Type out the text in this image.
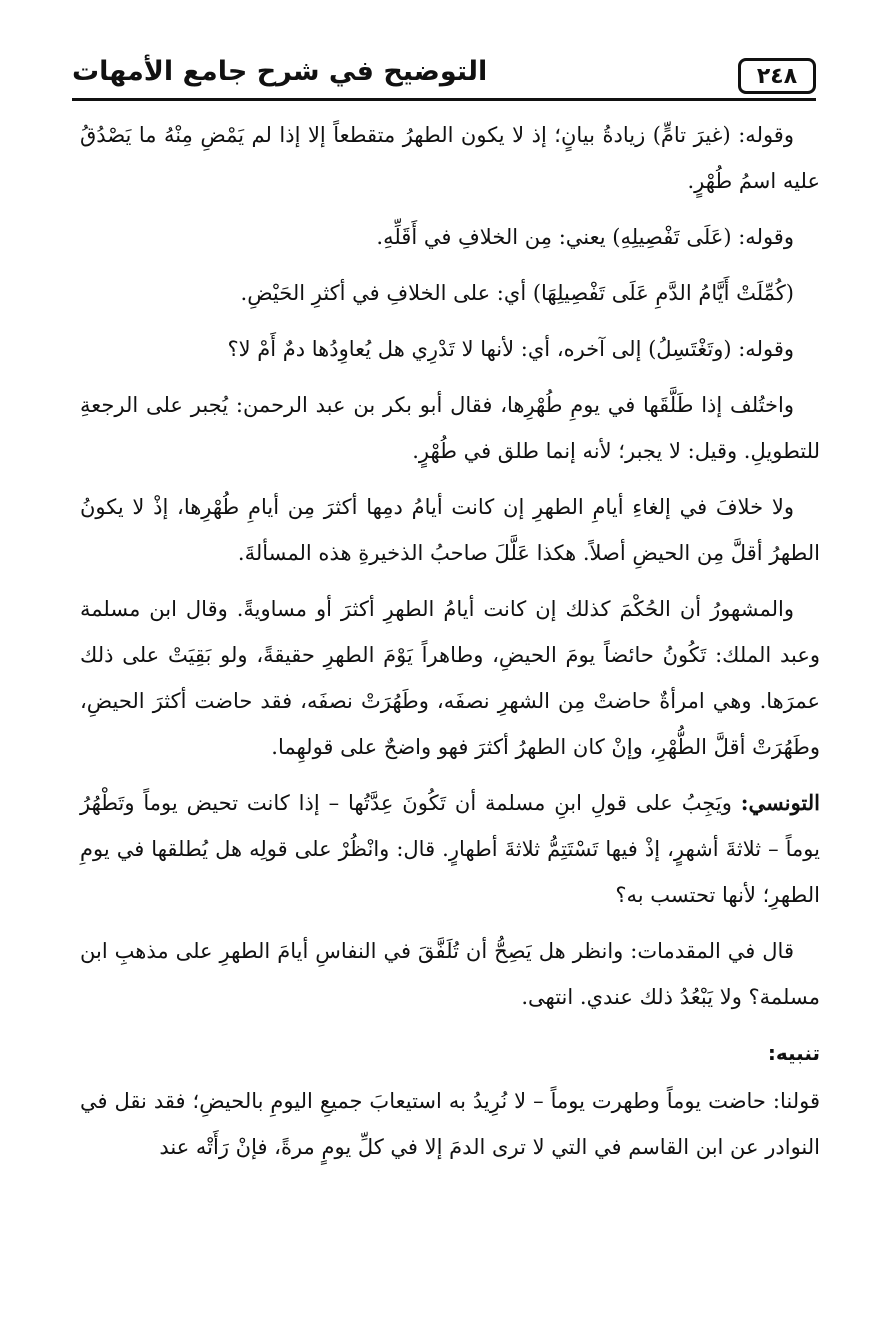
٢٤٨
التوضيح في شرح جامع الأمهات

وقوله: (غيرَ تامٍّ) زيادةُ بيانٍ؛ إذ لا يكون الطهرُ متقطعاً إلا إذا لم يَمْضِ مِنْهُ ما يَصْدُقُ عليه اسمُ طُهْرٍ.

وقوله: (عَلَى تَفْصِيلِهِ) يعني: مِن الخلافِ في أَقَلِّهِ.

(كُمِّلَتْ أَيَّامُ الدَّمِ عَلَى تَفْصِيلِهَا) أي: على الخلافِ في أكثرِ الحَيْضِ.

وقوله: (وتَغْتَسِلُ) إلى آخره، أي: لأنها لا تَدْرِي هل يُعاوِدُها دمٌ أَمْ لا؟

واختُلف إذا طَلَّقَها في يومِ طُهْرِها، فقال أبو بكر بن عبد الرحمن: يُجبر على الرجعةِ للتطويلِ. وقيل: لا يجبر؛ لأنه إنما طلق في طُهْرٍ.

ولا خلافَ في إلغاءِ أيامِ الطهرِ إن كانت أيامُ دمِها أكثرَ مِن أيامِ طُهْرِها، إذْ لا يكونُ الطهرُ أقلَّ مِن الحيضِ أصلاً. هكذا عَلَّلَ صاحبُ الذخيرةِ هذه المسألةَ.

والمشهورُ أن الحُكْمَ كذلك إن كانت أيامُ الطهرِ أكثرَ أو مساويةً. وقال ابن مسلمة وعبد الملك: تَكُونُ حائضاً يومَ الحيضِ، وطاهراً يَوْمَ الطهرِ حقيقةً، ولو بَقِيَتْ على ذلك عمرَها. وهي امرأةٌ حاضتْ مِن الشهرِ نصفَه، وطَهُرَتْ نصفَه، فقد حاضت أكثرَ الحيضِ، وطَهُرَتْ أقلَّ الطُّهْرِ، وإنْ كان الطهرُ أكثرَ فهو واضحٌ على قولهِما.

التونسي: ويَجِبُ على قولِ ابنِ مسلمة أن تَكُونَ عِدَّتُها – إذا كانت تحيض يوماً وتَطْهُرُ يوماً – ثلاثةَ أشهرٍ، إذْ فيها تَسْتَتِمُّ ثلاثةَ أطهارٍ. قال: وانْظُرْ على قولِه هل يُطلقها في يومِ الطهرِ؛ لأنها تحتسب به؟

قال في المقدمات: وانظر هل يَصِحُّ أن تُلَفَّقَ في النفاسِ أيامَ الطهرِ على مذهبِ ابن مسلمة؟ ولا يَبْعُدُ ذلك عندي. انتهى.

تنبيه:

قولنا: حاضت يوماً وطهرت يوماً – لا نُرِيدُ به استيعابَ جميعِ اليومِ بالحيضِ؛ فقد نقل في النوادر عن ابن القاسم في التي لا ترى الدمَ إلا في كلِّ يومٍ مرةً، فإنْ رَأَتْه عند
